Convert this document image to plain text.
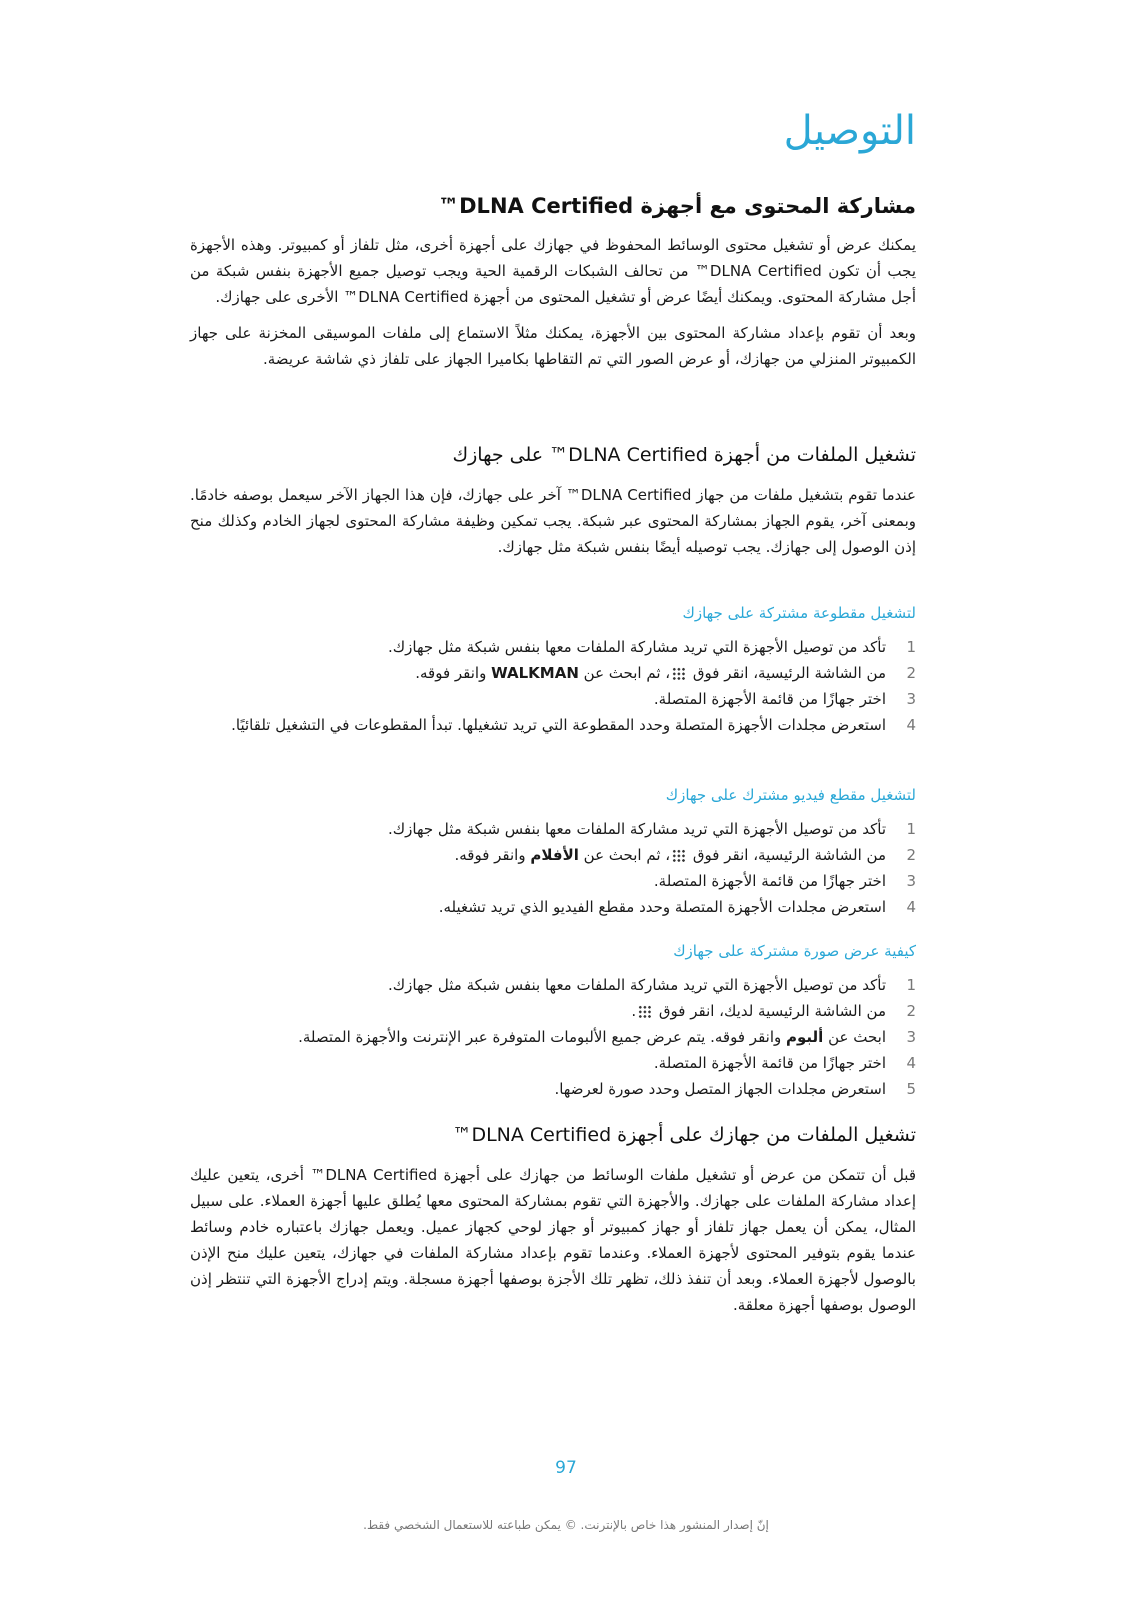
التوصيل
مشاركة المحتوى مع أجهزة DLNA Certified™

يمكنك عرض أو تشغيل محتوى الوسائط المحفوظ في جهازك على أجهزة أخرى، مثل تلفاز أو كمبيوتر. وهذه الأجهزة يجب أن تكون DLNA Certified™ من تحالف الشبكات الرقمية الحية ويجب توصيل جميع الأجهزة بنفس شبكة من أجل مشاركة المحتوى. ويمكنك أيضًا عرض أو تشغيل المحتوى من أجهزة DLNA Certified™ الأخرى على جهازك.

وبعد أن تقوم بإعداد مشاركة المحتوى بين الأجهزة، يمكنك مثلاً الاستماع إلى ملفات الموسيقى المخزنة على جهاز الكمبيوتر المنزلي من جهازك، أو عرض الصور التي تم التقاطها بكاميرا الجهاز على تلفاز ذي شاشة عريضة.

تشغيل الملفات من أجهزة DLNA Certified™ على جهازك

عندما تقوم بتشغيل ملفات من جهاز DLNA Certified™ آخر على جهازك، فإن هذا الجهاز الآخر سيعمل بوصفه خادمًا. وبمعنى آخر، يقوم الجهاز بمشاركة المحتوى عبر شبكة. يجب تمكين وظيفة مشاركة المحتوى لجهاز الخادم وكذلك منح إذن الوصول إلى جهازك. يجب توصيله أيضًا بنفس شبكة مثل جهازك.

لتشغيل مقطوعة مشتركة على جهازك
1
تأكد من توصيل الأجهزة التي تريد مشاركة الملفات معها بنفس شبكة مثل جهازك.
2
من الشاشة الرئيسية، انقر فوق ، ثم ابحث عن WALKMAN وانقر فوقه.
3
اختر جهازًا من قائمة الأجهزة المتصلة.
4
استعرض مجلدات الأجهزة المتصلة وحدد المقطوعة التي تريد تشغيلها. تبدأ المقطوعات في التشغيل تلقائيًا.
لتشغيل مقطع فيديو مشترك على جهازك
1
تأكد من توصيل الأجهزة التي تريد مشاركة الملفات معها بنفس شبكة مثل جهازك.
2
من الشاشة الرئيسية، انقر فوق ، ثم ابحث عن الأفلام وانقر فوقه.
3
اختر جهازًا من قائمة الأجهزة المتصلة.
4
استعرض مجلدات الأجهزة المتصلة وحدد مقطع الفيديو الذي تريد تشغيله.
كيفية عرض صورة مشتركة على جهازك
1
تأكد من توصيل الأجهزة التي تريد مشاركة الملفات معها بنفس شبكة مثل جهازك.
2
من الشاشة الرئيسية لديك، انقر فوق .
3
ابحث عن ألبوم وانقر فوقه. يتم عرض جميع الألبومات المتوفرة عبر الإنترنت والأجهزة المتصلة.
4
اختر جهازًا من قائمة الأجهزة المتصلة.
5
استعرض مجلدات الجهاز المتصل وحدد صورة لعرضها.
تشغيل الملفات من جهازك على أجهزة DLNA Certified™

قبل أن تتمكن من عرض أو تشغيل ملفات الوسائط من جهازك على أجهزة DLNA Certified™ أخرى، يتعين عليك إعداد مشاركة الملفات على جهازك. والأجهزة التي تقوم بمشاركة المحتوى معها يُطلق عليها أجهزة العملاء. على سبيل المثال، يمكن أن يعمل جهاز تلفاز أو جهاز كمبيوتر أو جهاز لوحي كجهاز عميل. ويعمل جهازك باعتباره خادم وسائط عندما يقوم بتوفير المحتوى لأجهزة العملاء. وعندما تقوم بإعداد مشاركة الملفات في جهازك، يتعين عليك منح الإذن بالوصول لأجهزة العملاء. وبعد أن تنفذ ذلك، تظهر تلك الأجزة بوصفها أجهزة مسجلة. ويتم إدراج الأجهزة التي تنتظر إذن الوصول بوصفها أجهزة معلقة.

97
إنّ إصدار المنشور هذا خاص بالإنترنت. © يمكن طباعته للاستعمال الشخصي فقط.
